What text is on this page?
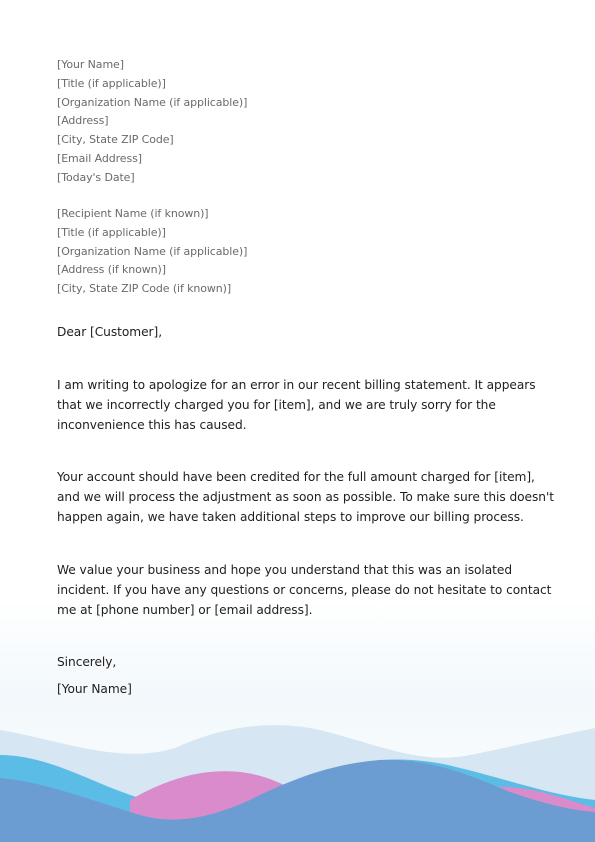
[Your Name]
[Title (if applicable)]
[Organization Name (if applicable)]
[Address]
[City, State ZIP Code]
[Email Address]
[Today's Date]
[Recipient Name (if known)]
[Title (if applicable)]
[Organization Name (if applicable)]
[Address (if known)]
[City, State ZIP Code (if known)]
Dear [Customer],
I am writing to apologize for an error in our recent billing statement. It appears
that we incorrectly charged you for [item], and we are truly sorry for the
inconvenience this has caused.
Your account should have been credited for the full amount charged for [item],
and we will process the adjustment as soon as possible. To make sure this doesn't
happen again, we have taken additional steps to improve our billing process.
We value your business and hope you understand that this was an isolated
incident. If you have any questions or concerns, please do not hesitate to contact
me at [phone number] or [email address].
Sincerely,
[Your Name]
